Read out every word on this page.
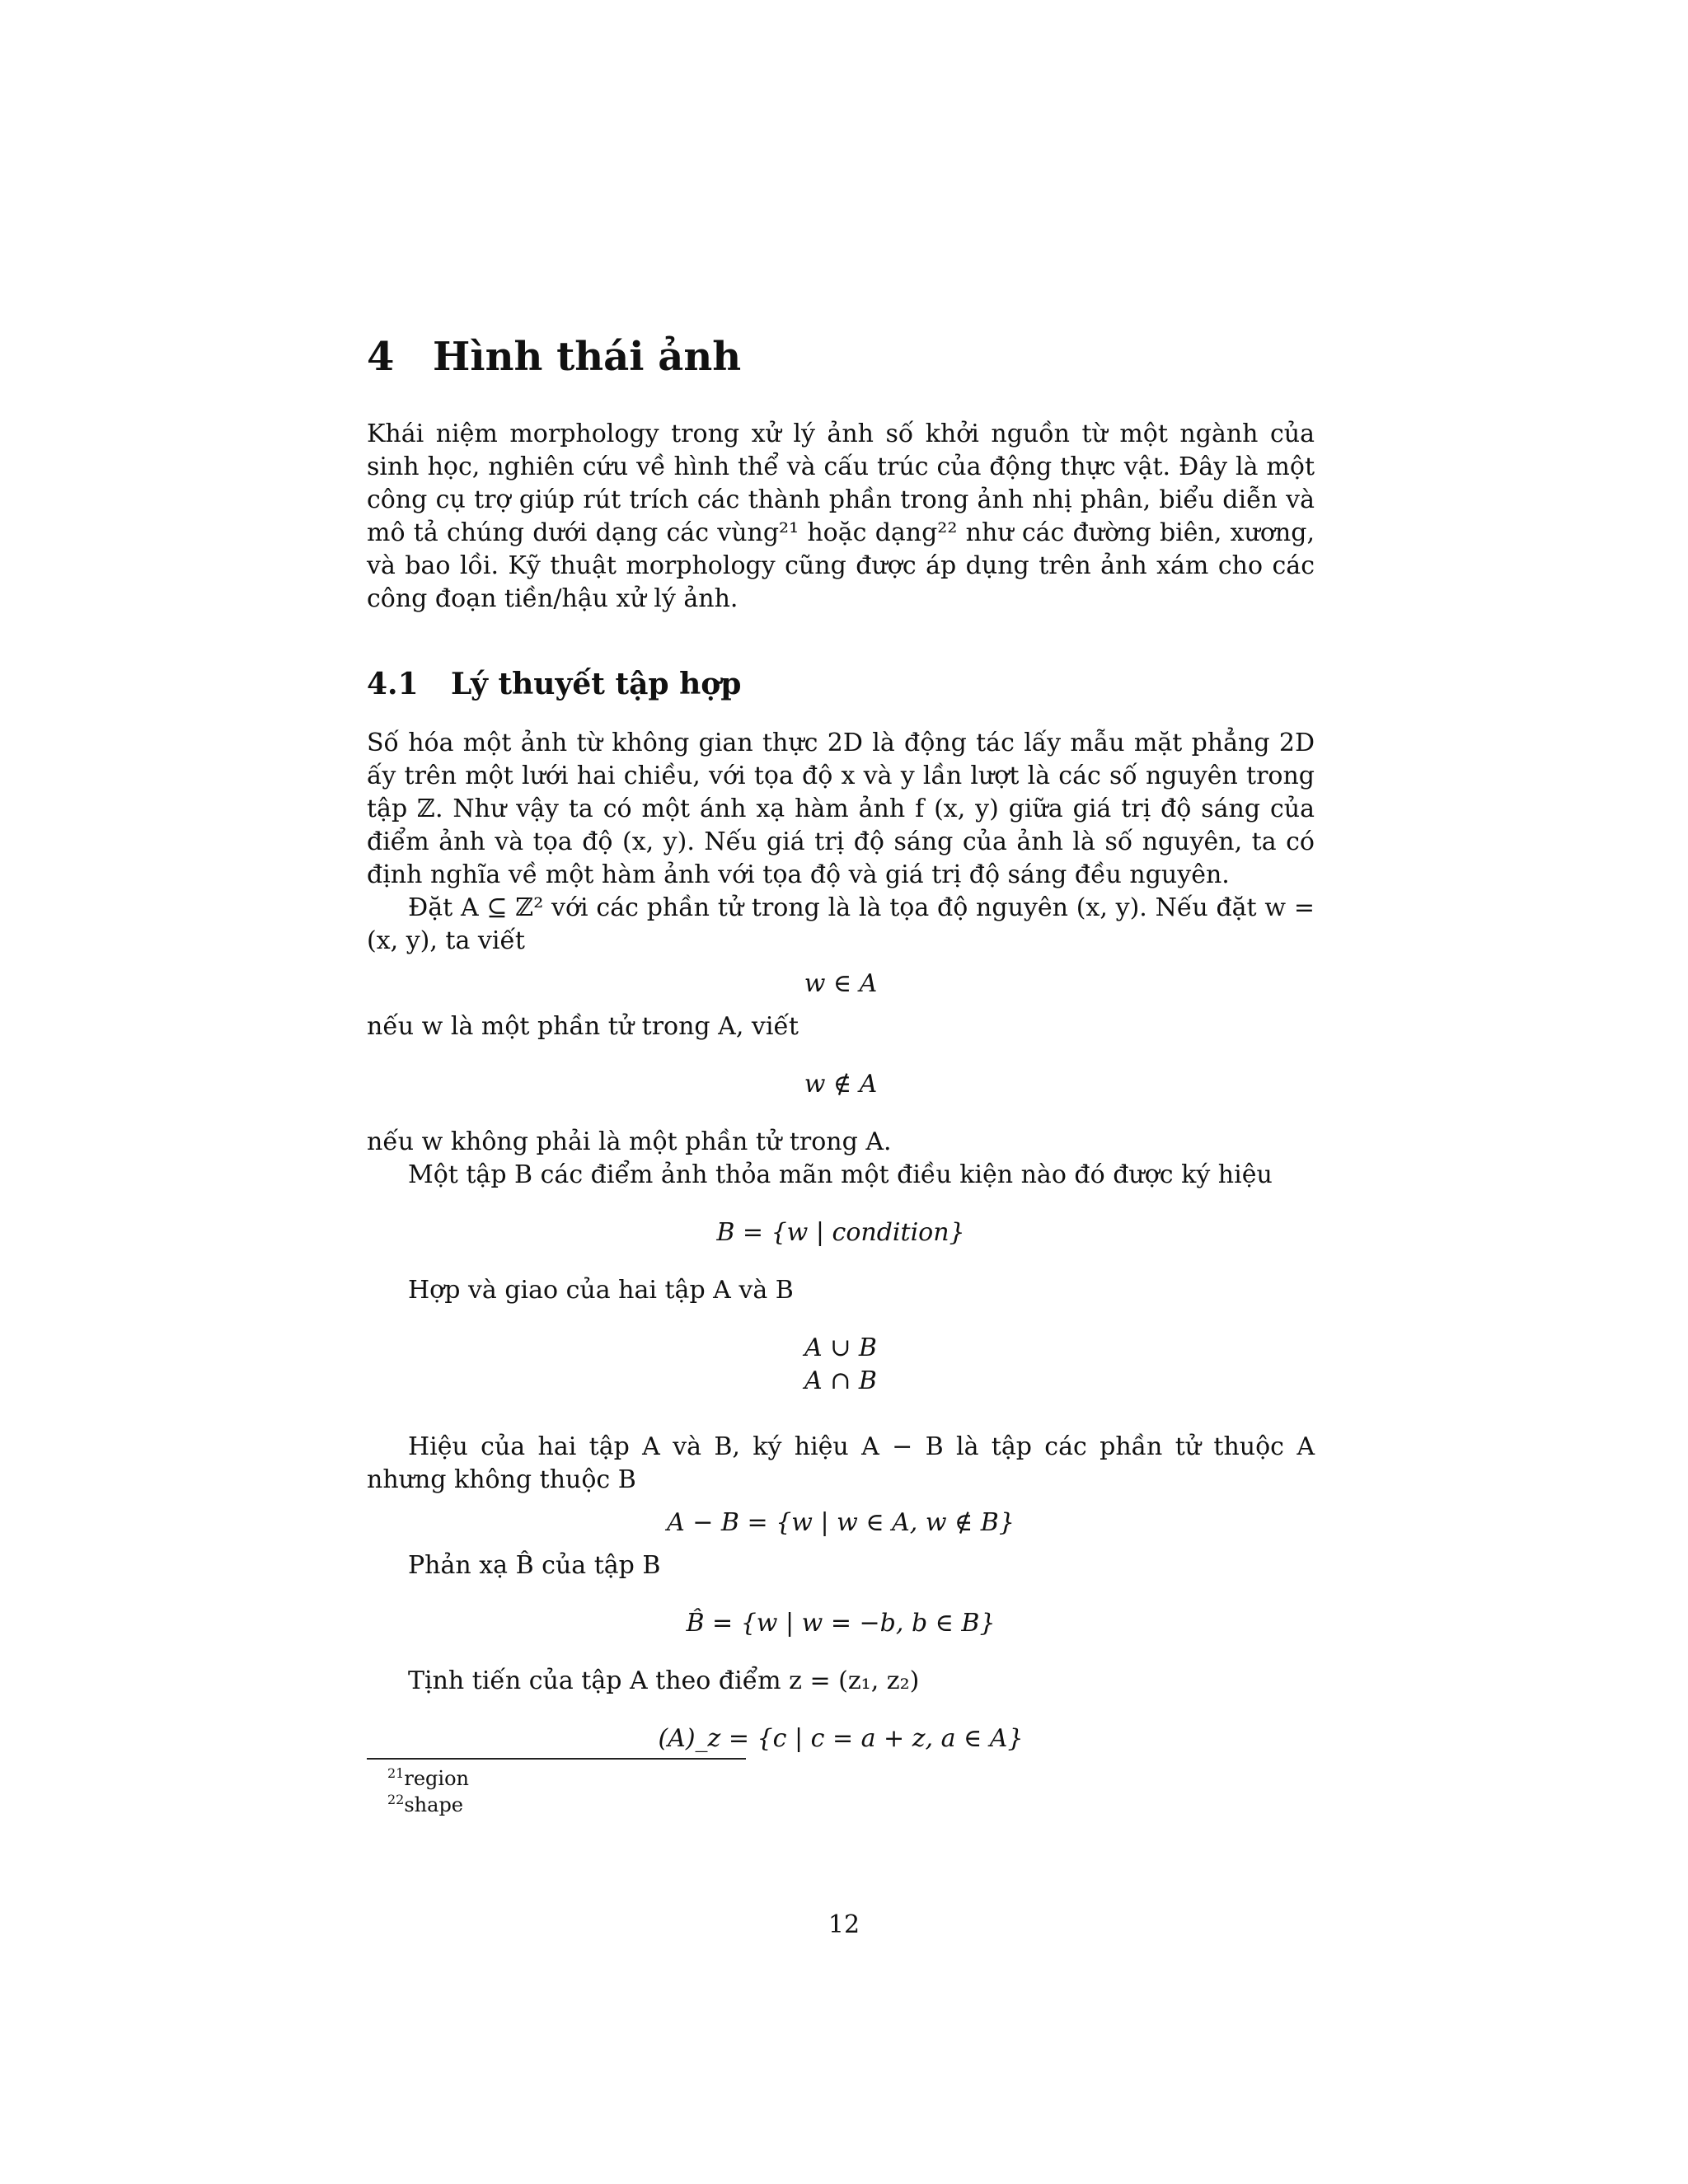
4 Hình thái ảnh

Khái niệm morphology trong xử lý ảnh số khởi nguồn từ một ngành của sinh học, nghiên cứu về hình thể và cấu trúc của động thực vật. Đây là một công cụ trợ giúp rút trích các thành phần trong ảnh nhị phân, biểu diễn và mô tả chúng dưới dạng các vùng²¹ hoặc dạng²² như các đường biên, xương, và bao lồi. Kỹ thuật morphology cũng được áp dụng trên ảnh xám cho các công đoạn tiền/hậu xử lý ảnh.

4.1 Lý thuyết tập hợp

Số hóa một ảnh từ không gian thực 2D là động tác lấy mẫu mặt phẳng 2D ấy trên một lưới hai chiều, với tọa độ x và y lần lượt là các số nguyên trong tập ℤ. Như vậy ta có một ánh xạ hàm ảnh f (x, y) giữa giá trị độ sáng của điểm ảnh và tọa độ (x, y). Nếu giá trị độ sáng của ảnh là số nguyên, ta có định nghĩa về một hàm ảnh với tọa độ và giá trị độ sáng đều nguyên.

Đặt A ⊆ ℤ² với các phần tử trong là là tọa độ nguyên (x, y). Nếu đặt w = (x, y), ta viết

w ∈ A

nếu w là một phần tử trong A, viết

w ∉ A

nếu w không phải là một phần tử trong A.

Một tập B các điểm ảnh thỏa mãn một điều kiện nào đó được ký hiệu

B = {w | condition}

Hợp và giao của hai tập A và B

A ∪ B
A ∩ B

Hiệu của hai tập A và B, ký hiệu A − B là tập các phần tử thuộc A nhưng không thuộc B

A − B = {w | w ∈ A, w ∉ B}

Phản xạ B̂ của tập B

B̂ = {w | w = −b, b ∈ B}

Tịnh tiến của tập A theo điểm z = (z₁, z₂)

(A)_z = {c | c = a + z, a ∈ A}
$^{21}$region
$^{22}$shape
12
